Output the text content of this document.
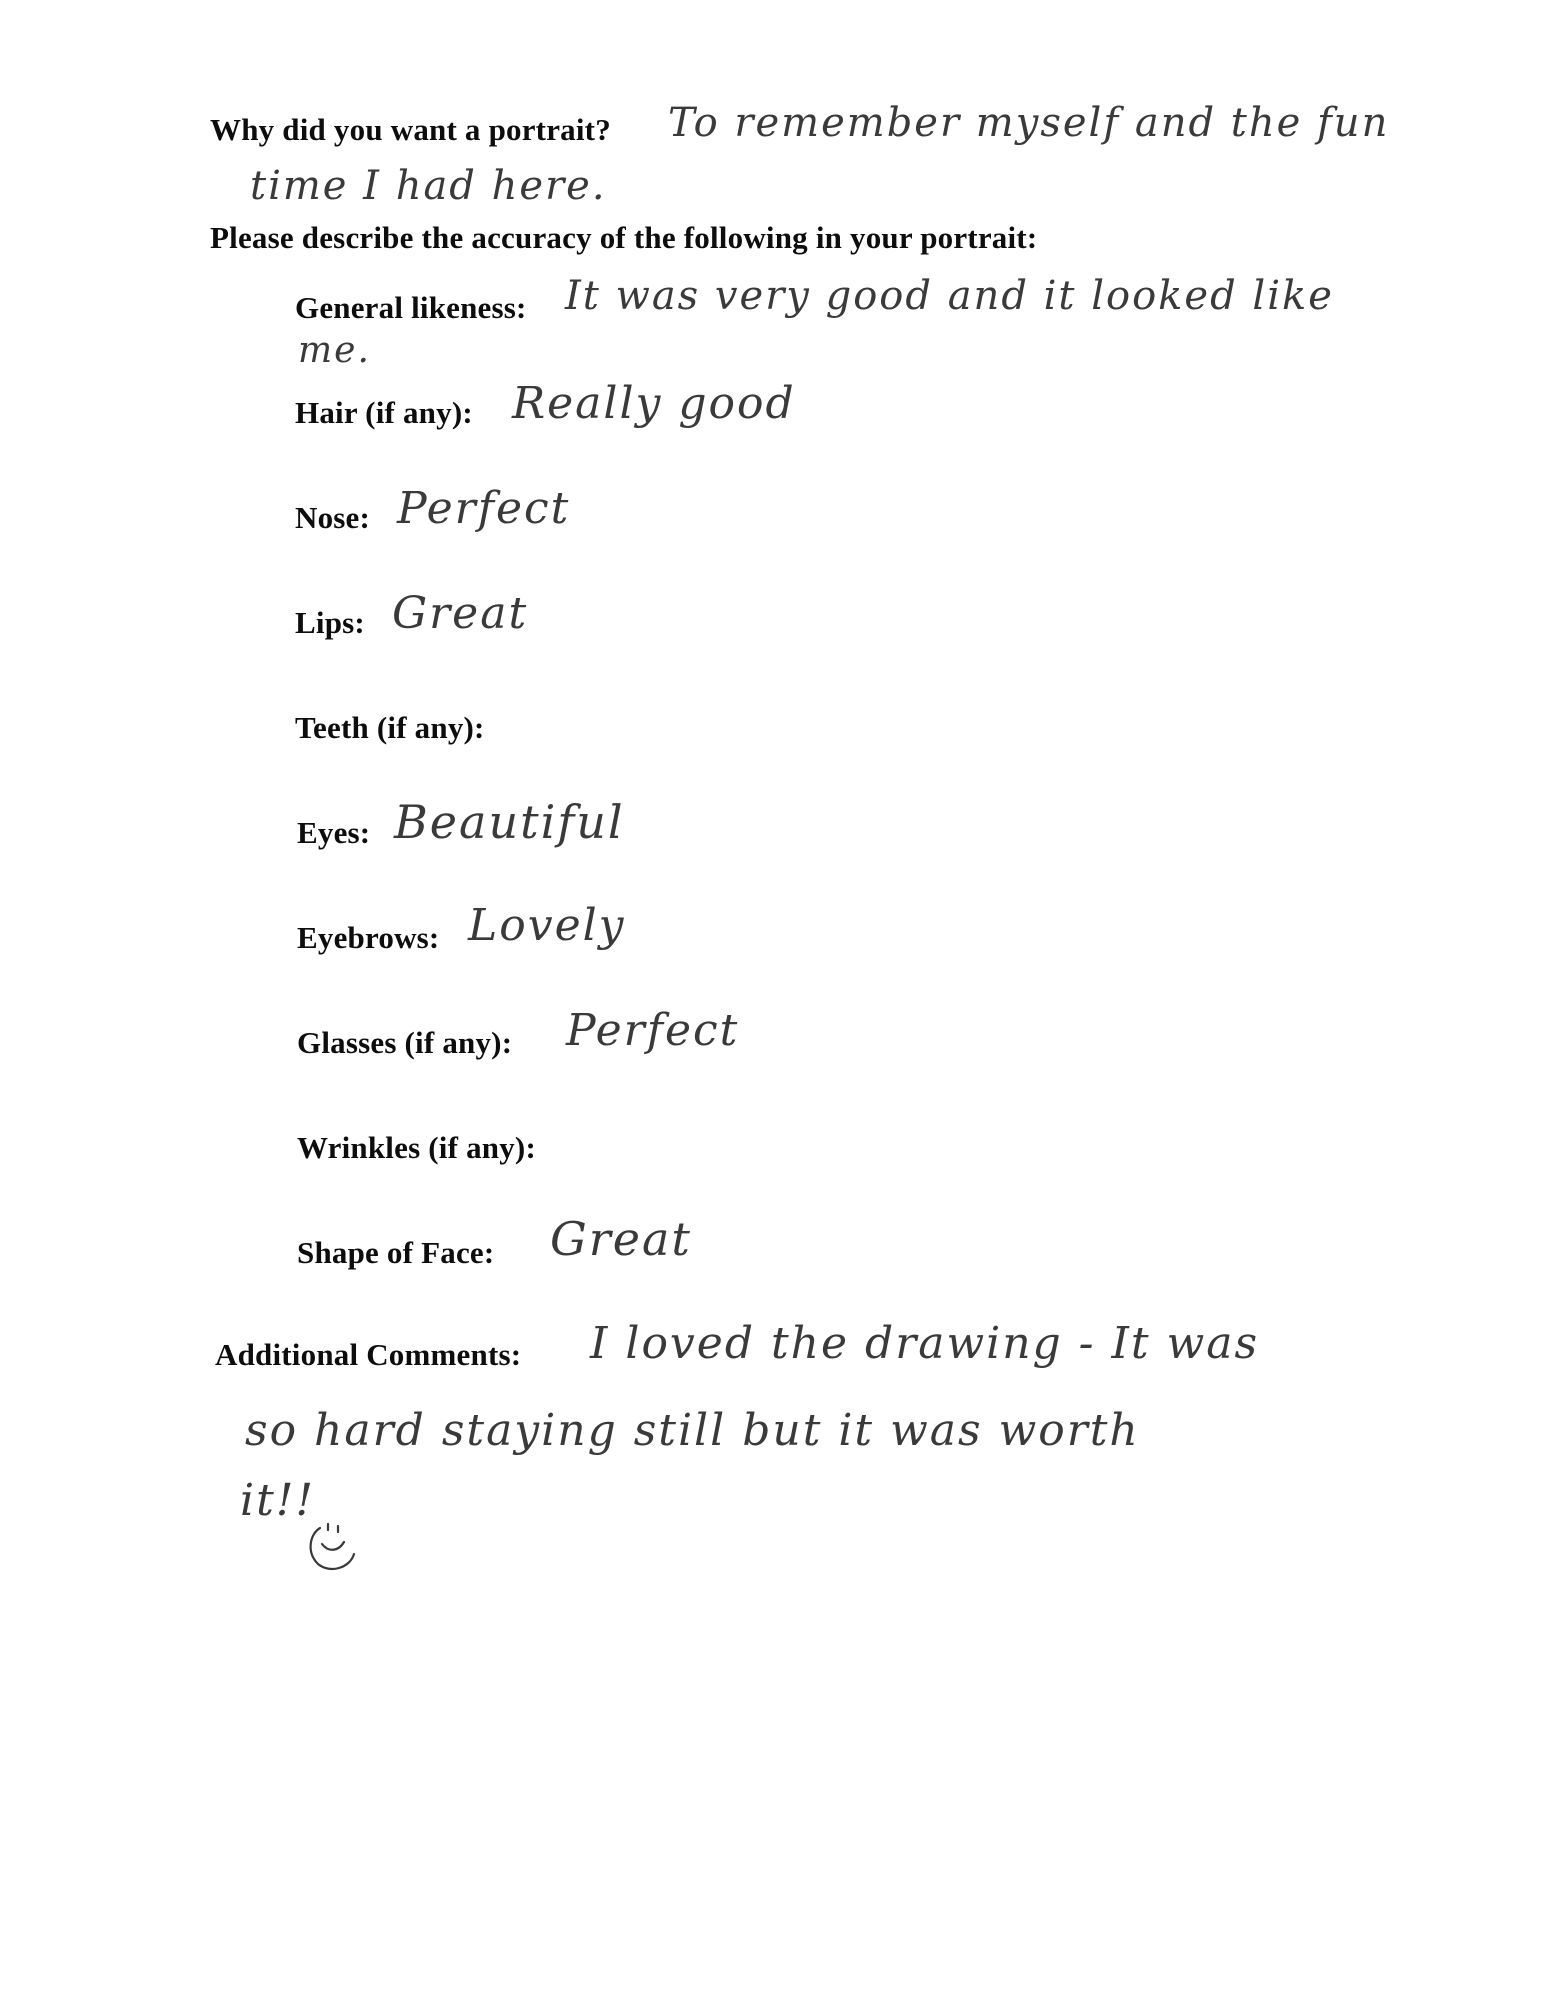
Why did you want a portrait? To remember myself and the fun
time I had here.
Please describe the accuracy of the following in your portrait:
General likeness: It was very good and it looked like
me.
Hair (if any): Really good
Nose: Perfect
Lips: Great
Teeth (if any):
Eyes: Beautiful
Eyebrows: Lovely
Glasses (if any): Perfect
Wrinkles (if any):
Shape of Face: Great
Additional Comments: I loved the drawing - It was
so hard staying still but it was worth
it!!
